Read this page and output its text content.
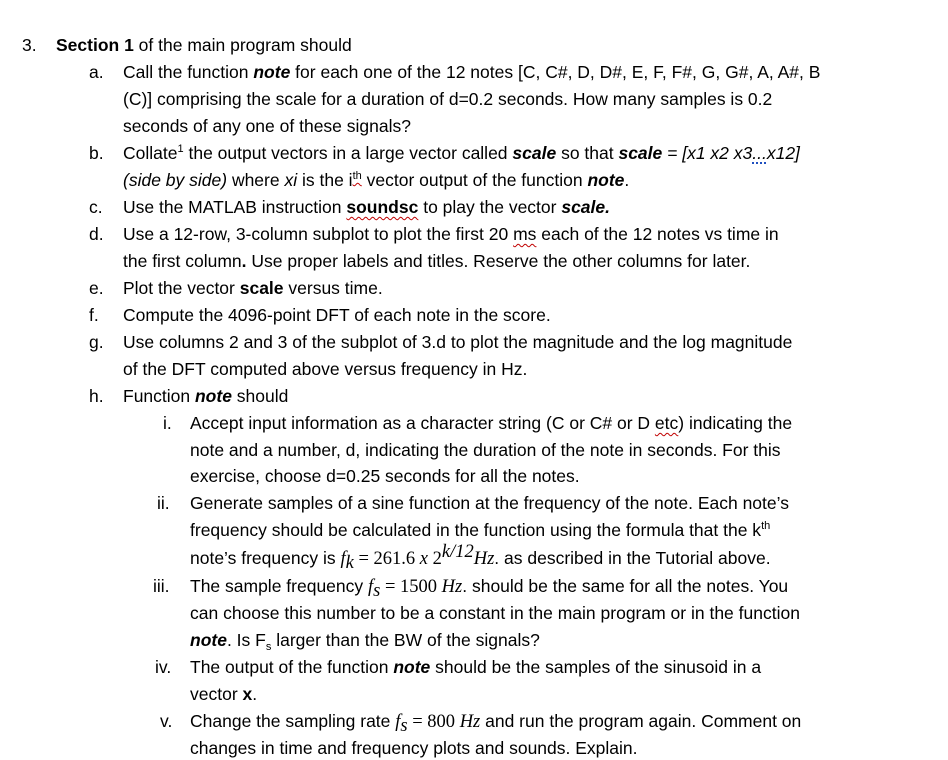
3. Section 1 of the main program should
a. Call the function note for each one of the 12 notes [C, C#, D, D#, E, F, F#, G, G#, A, A#, B
(C)] comprising the scale for a duration of d=0.2 seconds. How many samples is 0.2
seconds of any one of these signals?
b. Collate$^1$ the output vectors in a large vector called scale so that scale = [x1 x2 x3...x12]
(side by side) where xi is the $i^{th}$ vector output of the function note.
c. Use the MATLAB instruction soundsc to play the vector scale.
d. Use a 12-row, 3-column subplot to plot the first 20 ms each of the 12 notes vs time in
the first column. Use proper labels and titles. Reserve the other columns for later.
e. Plot the vector scale versus time.
f. Compute the 4096-point DFT of each note in the score.
g. Use columns 2 and 3 of the subplot of 3.d to plot the magnitude and the log magnitude
of the DFT computed above versus frequency in Hz.
h. Function note should
i. Accept input information as a character string (C or C# or D etc) indicating the
note and a number, d, indicating the duration of the note in seconds. For this
exercise, choose d=0.25 seconds for all the notes.
ii. Generate samples of a sine function at the frequency of the note. Each note’s
frequency should be calculated in the function using the formula that the $k^{th}$
note’s frequency is $f_k = 261.6$ x $2^{k/12}Hz$. as described in the Tutorial above.
iii. The sample frequency $f_s = 1500$ Hz. should be the same for all the notes. You
can choose this number to be a constant in the main program or in the function
note. Is $F_s$ larger than the BW of the signals?
iv. The output of the function note should be the samples of the sinusoid in a
vector x.
v. Change the sampling rate $f_s = 800$ Hz and run the program again. Comment on
changes in time and frequency plots and sounds. Explain.
